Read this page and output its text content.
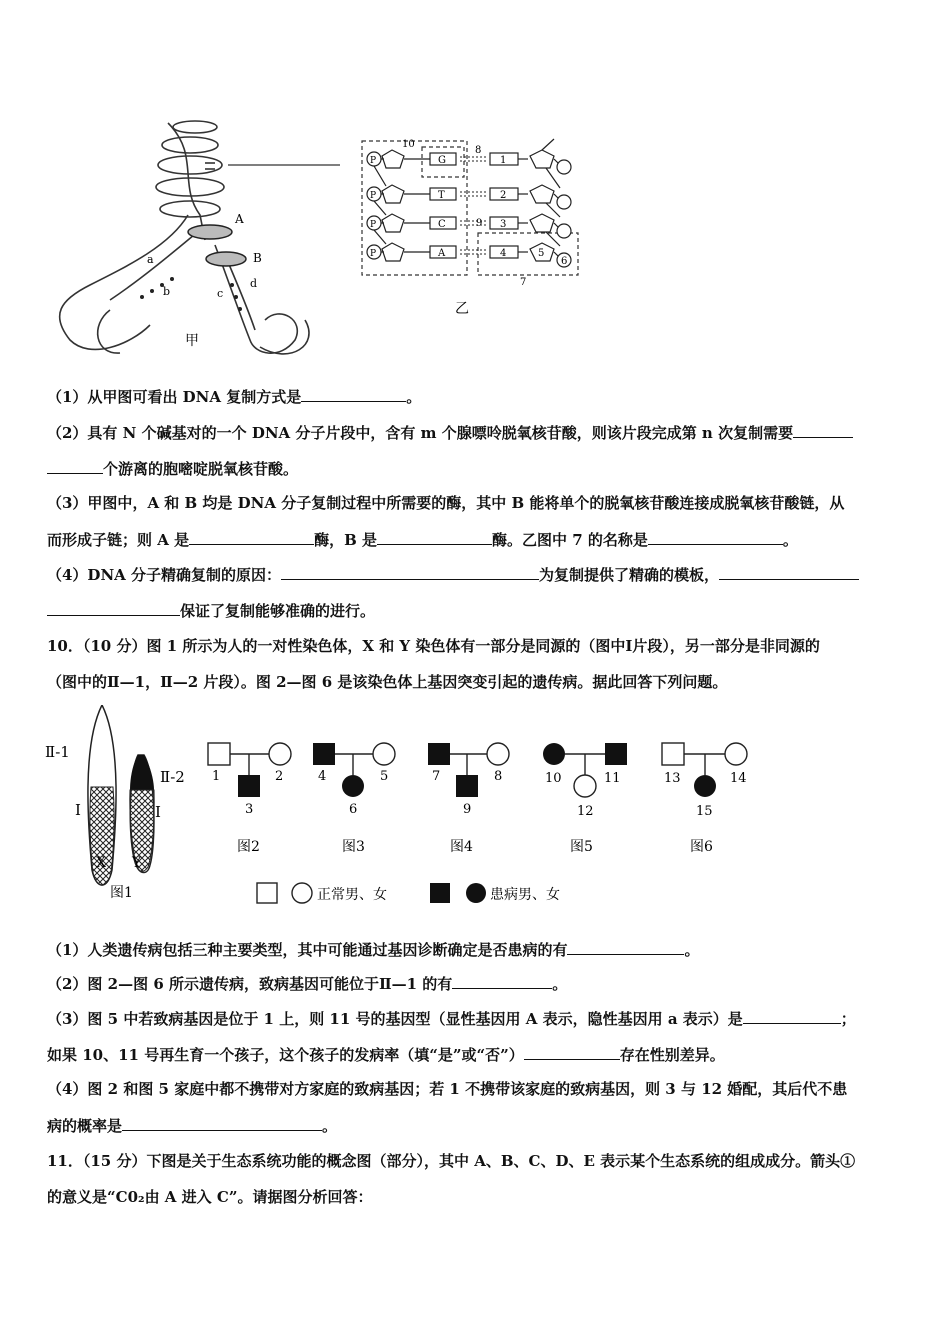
A
B
a
b	c
d
甲
10
8
9
7
P	G	1
P	T	2
P	C	3
P	A	4	5
6
乙
（1）从甲图可看出 DNA 复制方式是	。
（2）具有 N 个碱基对的一个 DNA 分子片段中，含有 m 个腺嘌呤脱氧核苷酸，则该片段完成第 n 次复制需要
个游离的胞嘧啶脱氧核苷酸。
（3）甲图中，A 和 B 均是 DNA 分子复制过程中所需要的酶，其中 B 能将单个的脱氧核苷酸连接成脱氧核苷酸链，从
而形成子链；则 A 是	酶，B 是	酶。乙图中 7 的名称是	。
（4）DNA 分子精确复制的原因：	为复制提供了精确的模板，
保证了复制能够准确的进行。
10．（10 分）图 1 所示为人的一对性染色体，X 和 Y 染色体有一部分是同源的（图中Ⅰ片段），另一部分是非同源的
（图中的Ⅱ—1，Ⅱ—2 片段）。图 2—图 6 是该染色体上基因突变引起的遗传病。据此回答下列问题。
Ⅱ-1
Ⅱ-2
Ⅰ	Ⅰ
X Y
图1
1	2
3
图2
4	5
6
图3
7	8
9
图4
10	11
12
图5
13	14
15
图6
正常男、女	患病男、女
（1）人类遗传病包括三种主要类型，其中可能通过基因诊断确定是否患病的有	。
（2）图 2—图 6 所示遗传病，致病基因可能位于Ⅱ—1 的有	。
（3）图 5 中若致病基因是位于 1 上，则 11 号的基因型（显性基因用 A 表示，隐性基因用 a 表示）是	；
如果 10、11 号再生育一个孩子，这个孩子的发病率（填“是”或“否”）	存在性别差异。
（4）图 2 和图 5 家庭中都不携带对方家庭的致病基因；若 1 不携带该家庭的致病基因，则 3 与 12 婚配，其后代不患
病的概率是	。
11．（15 分）下图是关于生态系统功能的概念图（部分），其中 A、B、C、D、E 表示某个生态系统的组成成分。箭头①
的意义是“C0₂由 A 进入 C”。请据图分析回答：
